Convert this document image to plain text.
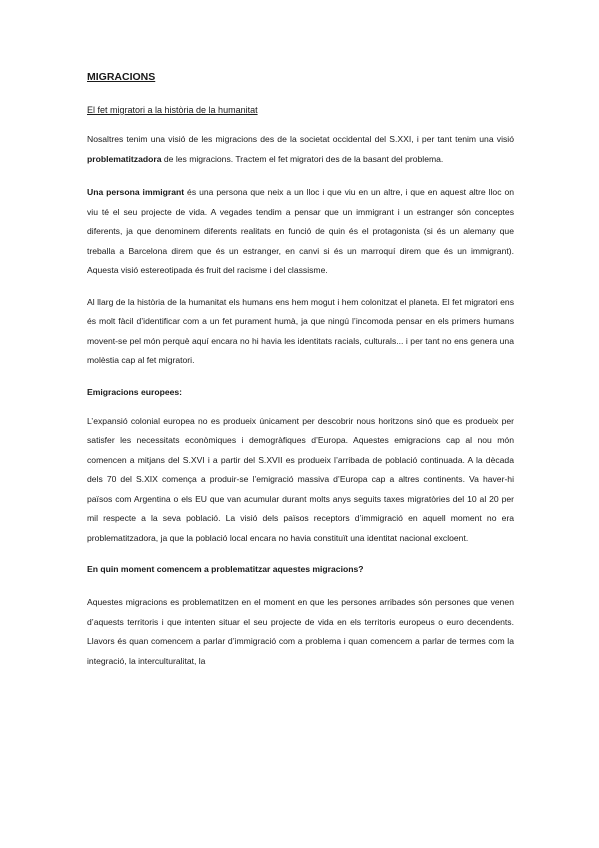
MIGRACIONS
El fet migratori a la història de la humanitat

Nosaltres tenim una visió de les migracions des de la societat occidental del S.XXI, i per tant tenim una visió problematitzadora de les migracions. Tractem el fet migratori des de la basant del problema.

Una persona immigrant és una persona que neix a un lloc i que viu en un altre, i que en aquest altre lloc on viu té el seu projecte de vida. A vegades tendim a pensar que un immigrant i un estranger són conceptes diferents, ja que denominem diferents realitats en funció de quin és el protagonista (si és un alemany que treballa a Barcelona direm que és un estranger, en canvi si és un marroquí direm que és un immigrant). Aquesta visió estereotipada és fruit del racisme i del classisme.

Al llarg de la història de la humanitat els humans ens hem mogut i hem colonitzat el planeta. El fet migratori ens és molt fàcil d’identificar com a un fet purament humà, ja que ningú l’incomoda pensar en els primers humans movent-se pel món perquè aquí encara no hi havia les identitats racials, culturals... i per tant no ens genera una molèstia cap al fet migratori.

Emigracions europees:

L’expansió colonial europea no es produeix únicament per descobrir nous horitzons sinó que es produeix per satisfer les necessitats econòmiques i demogràfiques d’Europa. Aquestes emigracions cap al nou món comencen a mitjans del S.XVI i a partir del S.XVII es produeix l’arribada de població continuada. A la dècada dels 70 del S.XIX comença a produir-se l’emigració massiva d’Europa cap a altres continents. Va haver-hi països com Argentina o els EU que van acumular durant molts anys seguits taxes migratòries del 10 al 20 per mil respecte a la seva població. La visió dels països receptors d’immigració en aquell moment no era problematitzadora, ja que la població local encara no havia constituït una identitat nacional excloent.

En quin moment comencem a problematitzar aquestes migracions?

Aquestes migracions es problematitzen en el moment en que les persones arribades són persones que venen d’aquests territoris i que intenten situar el seu projecte de vida en els territoris europeus o euro decendents. Llavors és quan comencem a parlar d’immigració com a problema i quan comencem a parlar de termes com la integració, la interculturalitat, la
